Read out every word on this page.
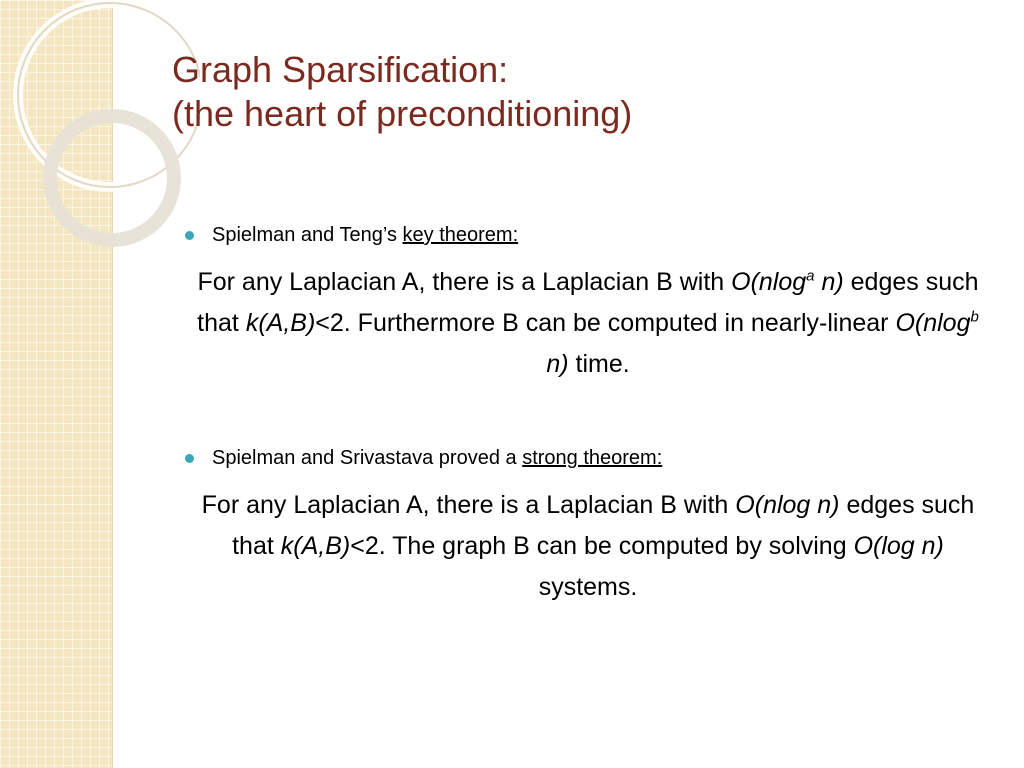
Graph Sparsification:
(the heart of preconditioning)
Spielman and Teng’s key theorem:

For any Laplacian A, there is a Laplacian B with O(nlog$^a$ n) edges such that k(A,B)<2. Furthermore B can be computed in nearly-linear O(nlog$^b$ n) time.

Spielman and Srivastava proved a strong theorem:

For any Laplacian A, there is a Laplacian B with O(nlog n) edges such that k(A,B)<2. The graph B can be computed by solving O(log n) systems.
